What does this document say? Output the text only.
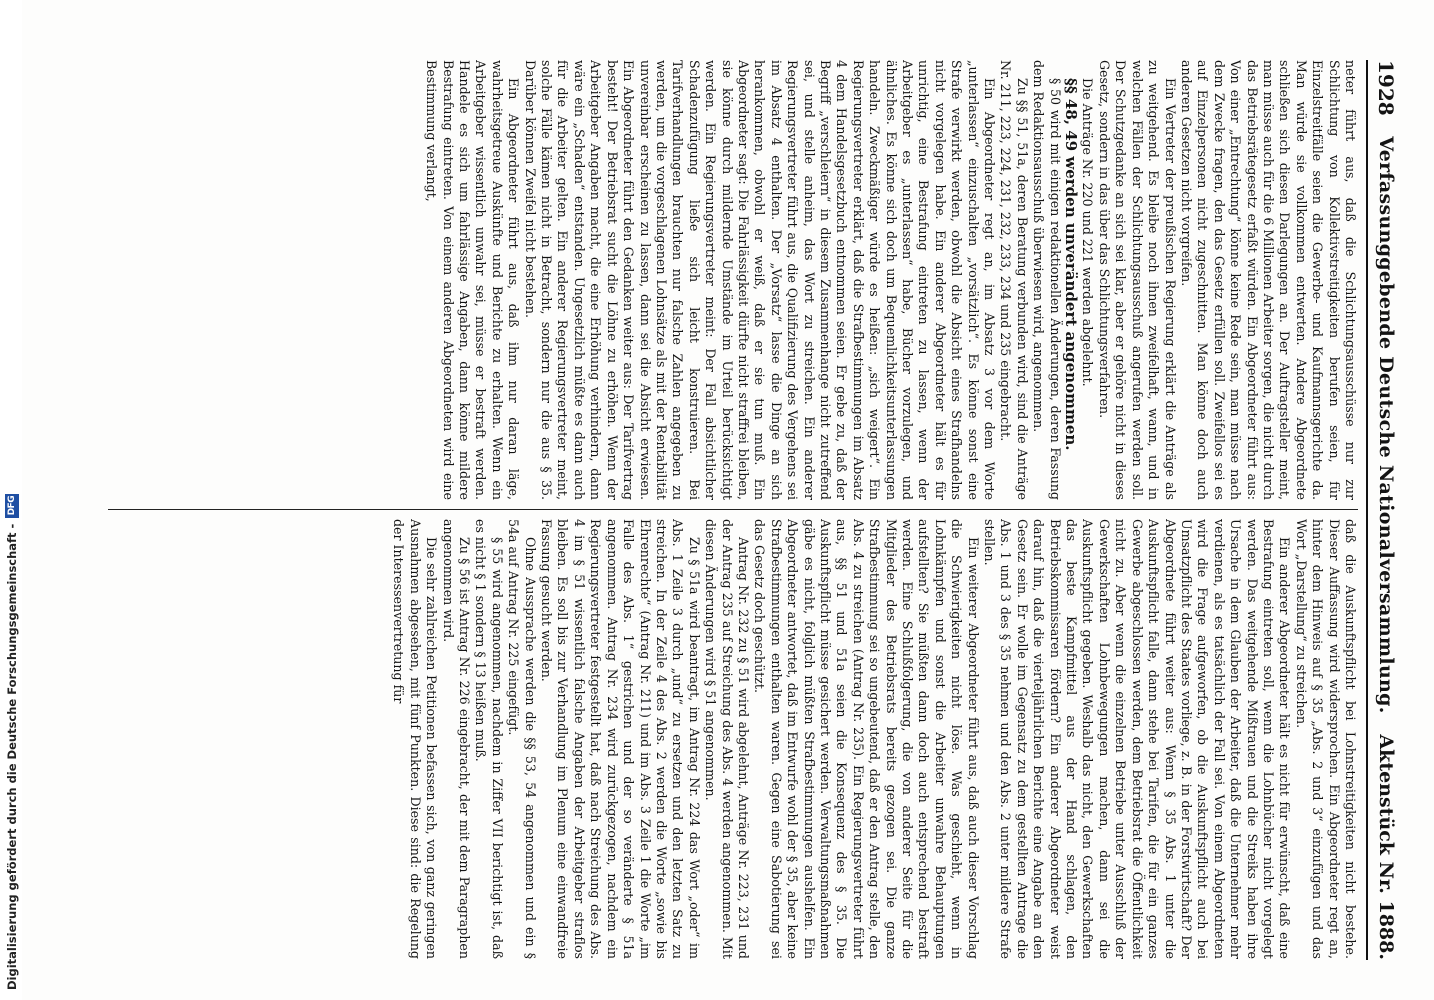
Digitalisierung gefördert durch die Deutsche Forschungsgemeinschaft -
DFG
1928
Verfassunggebende Deutsche Nationalversammlung.
Aktenstück Nr. 1888.

neter führt aus, daß die Schlichtungsausschüsse nur zur Schlichtung von Kollektivstreitigkeiten berufen seien, für Einzelstreitfälle seien die Gewerbe- und Kaufmannsgerichte da. Man würde sie vollkommen entwerten. Andere Abgeordnete schließen sich diesen Darlegungen an. Der Auftragsteller meint, man müsse auch für die 6 Millionen Arbeiter sorgen, die nicht durch das Betriebsrätegesetz erfaßt würden. Ein Abgeordneter führt aus: Von einer „Entrechtung“ könne keine Rede sein, man müsse nach dem Zwecke fragen, den das Gesetz erfüllen soll. Zweifellos sei es auf Einzelpersonen nicht zugeschnitten. Man könne doch auch anderen Gesetzen nicht vorgreifen.

Ein Vertreter der preußischen Regierung erklärt die Anträge als zu weitgehend. Es bleibe noch ihnen zweifelhaft, wann, und in welchen Fällen der Schlichtungsausschuß angerufen werden soll. Der Schutzgedanke an sich sei klar, aber er gehöre nicht in dieses Gesetz, sondern in das über das Schlichtungsverfahren.

Die Anträge Nr. 220 und 221 werden abgelehnt.

§§ 48, 49 werden unverändert angenommen.

§ 50 wird mit einigen redaktionellen Änderungen, deren Fassung dem Redaktionsausschuß überwiesen wird, angenommen.

Zu §§ 51, 51a, deren Beratung verbunden wird, sind die Anträge Nr. 211, 223, 224, 231, 232, 233, 234 und 235 eingebracht.

Ein Abgeordneter regt an, im Absatz 3 vor dem Worte „unterlassen“ einzuschalten „vorsätzlich“. Es könne sonst eine Strafe verwirkt werden, obwohl die Absicht eines Strafhandelns nicht vorgelegen habe. Ein anderer Abgeordneter hält es für unrichtig, eine Bestrafung eintreten zu lassen, wenn der Arbeitgeber es „unterlassen“ habe, Bücher vorzulegen, und ähnliches. Es könne sich doch um Bequemlichkeitsunterlassungen handeln. Zweckmäßiger würde es heißen: „sich weigert“. Ein Regierungsvertreter erklärt, daß die Strafbestimmungen im Absatz 4 dem Handelsgesetzbuch entnommen seien. Er gebe zu, daß der Begriff „verschleiern“ in diesem Zusammenhange nicht zutreffend sei, und stelle anheim, das Wort zu streichen. Ein anderer Regierungsvertreter führt aus, die Qualifizierung des Vergehens sei im Absatz 4 enthalten. Der „Vorsatz“ lasse die Dinge an sich herankommen, obwohl er weiß, daß er sie tun muß. Ein Abgeordneter sagt: Die Fahrlässigkeit dürfte nicht straffrei bleiben, sie könne durch mildernde Umstände im Urteil berücksichtigt werden. Ein Regierungsvertreter meint: Der Fall absichtlicher Schadenzufügung ließe sich leicht konstruieren. Bei Tarifverhandlungen brauchten nur falsche Zahlen angegeben zu werden, um die vorgeschlagenen Lohnsätze als mit der Rentabilität unvereinbar erscheinen zu lassen, dann sei die Absicht erwiesen. Ein Abgeordneter führt den Gedanken weiter aus: Der Tarifvertrag besteht! Der Betriebsrat sucht die Löhne zu erhöhen. Wenn der Arbeitgeber Angaben macht, die eine Erhöhung verhindern, dann wäre ein „Schaden“ entstanden. Ungesetzlich müßte es dann auch für die Arbeiter gelten. Ein anderer Regierungsvertreter meint, solche Fälle kämen nicht in Betracht, sondern nur die aus § 35. Darüber können Zweifel nicht bestehen.

Ein Abgeordneter führt aus, daß ihm nur daran läge, wahrheitsgetreue Auskünfte und Berichte zu erhalten. Wenn ein Arbeitgeber wissentlich unwahr sei, müsse er bestraft werden. Handele es sich um fahrlässige Angaben, dann könne mildere Bestrafung eintreten. Von einem anderen Abgeordneten wird eine Bestimmung verlangt,

daß die Auskunftspflicht bei Lohnstreitigkeiten nicht bestehe. Dieser Auffassung wird widersprochen. Ein Abgeordneter regt an, hinter dem Hinweis auf § 35 „Abs. 2 und 3“ einzufügen und das Wort „Darstellung“ zu streichen.

Ein anderer Abgeordneter hält es nicht für erwünscht, daß eine Bestrafung eintreten soll, wenn die Lohnbücher nicht vorgelegt werden. Das weitgehende Mißtrauen und die Streiks haben ihre Ursache in dem Glauben der Arbeiter, daß die Unternehmer mehr verdienen, als es tatsächlich der Fall sei. Von einem Abgeordneten wird die Frage aufgeworfen, ob die Auskunftspflicht auch bei Umsatzpflicht des Staates vorliege, z. B. in der Forstwirtschaft? Der Abgeordnete führt weiter aus: Wenn § 35 Abs. 1 unter die Auskunftspflicht falle, dann stehe bei Tarifen, die für ein ganzes Gewerbe abgeschlossen werden, dem Betriebsrat die Öffentlichkeit nicht zu. Aber wenn die einzelnen Betriebe unter Ausschluß der Gewerkschaften Lohnbewegungen machen, dann sei die Auskunftspflicht gegeben. Weshalb das nicht, den Gewerkschaften das beste Kampfmittel aus der Hand schlagen, den Betriebskommissaren fördern? Ein anderer Abgeordneter weist darauf hin, daß die vierteljährlichen Berichte eine Angabe an den Gesetz sein. Er wolle im Gegensatz zu dem gestellten Antrage die Abs. 1 und 3 des § 35 nehmen und den Abs. 2 unter mildere Strafe stellen.

Ein weiterer Abgeordneter führt aus, daß auch dieser Vorschlag die Schwierigkeiten nicht löse. Was geschieht, wenn in Lohnkämpfen und sonst die Arbeiter unwahre Behauptungen aufstellten? Sie müßten dann doch auch entsprechend bestraft werden. Eine Schlußfolgerung, die von anderer Seite für die Mitglieder des Betriebsrats bereits gezogen sei. Die ganze Strafbestimmung sei so ungebeutend, daß er den Antrag stelle, den Abs. 4 zu streichen (Antrag Nr. 235). Ein Regierungsvertreter führt aus, §§ 51 und 51a seien die Konsequenz des § 35. Die Auskunftspflicht müsse gesichert werden. Verwaltungsmaßnahmen gäbe es nicht, folglich müßten Strafbestimmungen aushelfen. Ein Abgeordneter antwortet, daß im Entwurfe wohl der § 35, aber keine Strafbestimmungen enthalten waren. Gegen eine Sabotierung sei das Gesetz doch geschützt.

Antrag Nr. 232 zu § 51 wird abgelehnt, Anträge Nr. 223, 231 und der Antrag 235 auf Streichung des Abs. 4 werden angenommen. Mit diesen Änderungen wird § 51 angenommen.

Zu § 51a wird beantragt, im Antrag Nr. 224 das Wort „oder“ im Abs. 1 Zeile 3 durch „und“ zu ersetzen und den letzten Satz zu streichen. In der Zeile 4 des Abs. 2 werden die Worte „sowie bis Ehrenrechte“ (Antrag Nr. 211) und im Abs. 3 Zeile 1 die Worte „im Falle des Abs. 1“ gestrichen und der so veränderte § 51a angenommen. Antrag Nr. 234 wird zurückgezogen, nachdem ein Regierungsvertreter festgestellt hat, daß nach Streichung des Abs. 4 im § 51 wissentlich falsche Angaben der Arbeitgeber straflos bleiben. Es soll bis zur Verhandlung im Plenum eine einwandfreie Fassung gesucht werden.

Ohne Aussprache werden die §§ 53, 54 angenommen und ein § 54a auf Antrag Nr. 225 eingefügt.

§ 55 wird angenommen, nachdem in Ziffer VII berichtigt ist, daß es nicht § 1 sondern § 13 heißen muß.

Zu § 56 ist Antrag Nr. 226 eingebracht, der mit dem Paragraphen angenommen wird.

Die sehr zahlreichen Petitionen befassen sich, von ganz geringen Ausnahmen abgesehen, mit fünf Punkten. Diese sind: die Regelung der Interessenvertretung für
